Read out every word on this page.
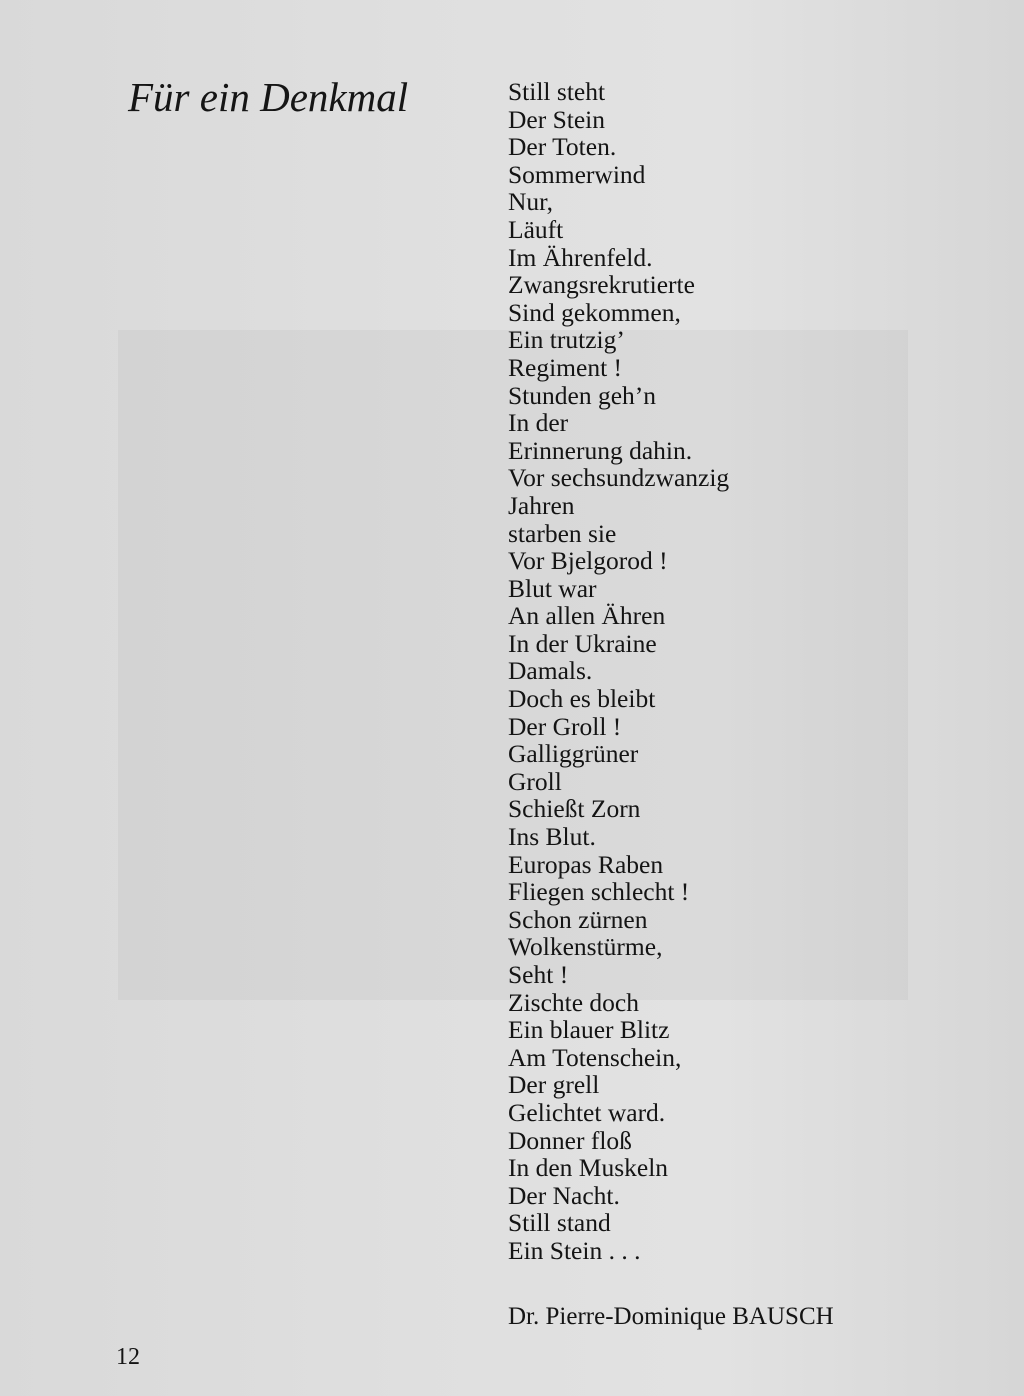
Für ein Denkmal	Still steht
Der Stein
Der Toten.
Sommerwind
Nur,
Läuft
Im Ährenfeld.
Zwangsrekrutierte
Sind gekommen,
Ein trutzig’
Regiment !
Stunden geh’n
In der
Erinnerung dahin.
Vor sechsundzwanzig
Jahren
starben sie
Vor Bjelgorod !
Blut war
An allen Ähren
In der Ukraine
Damals.
Doch es bleibt
Der Groll !
Galliggrüner
Groll
Schießt Zorn
Ins Blut.
Europas Raben
Fliegen schlecht !
Schon zürnen
Wolkenstürme,
Seht !
Zischte doch
Ein blauer Blitz
Am Totenschein,
Der grell
Gelichtet ward.
Donner floß
In den Muskeln
Der Nacht.
Still stand
Ein Stein . . .
Dr. Pierre-Dominique BAUSCH
12
